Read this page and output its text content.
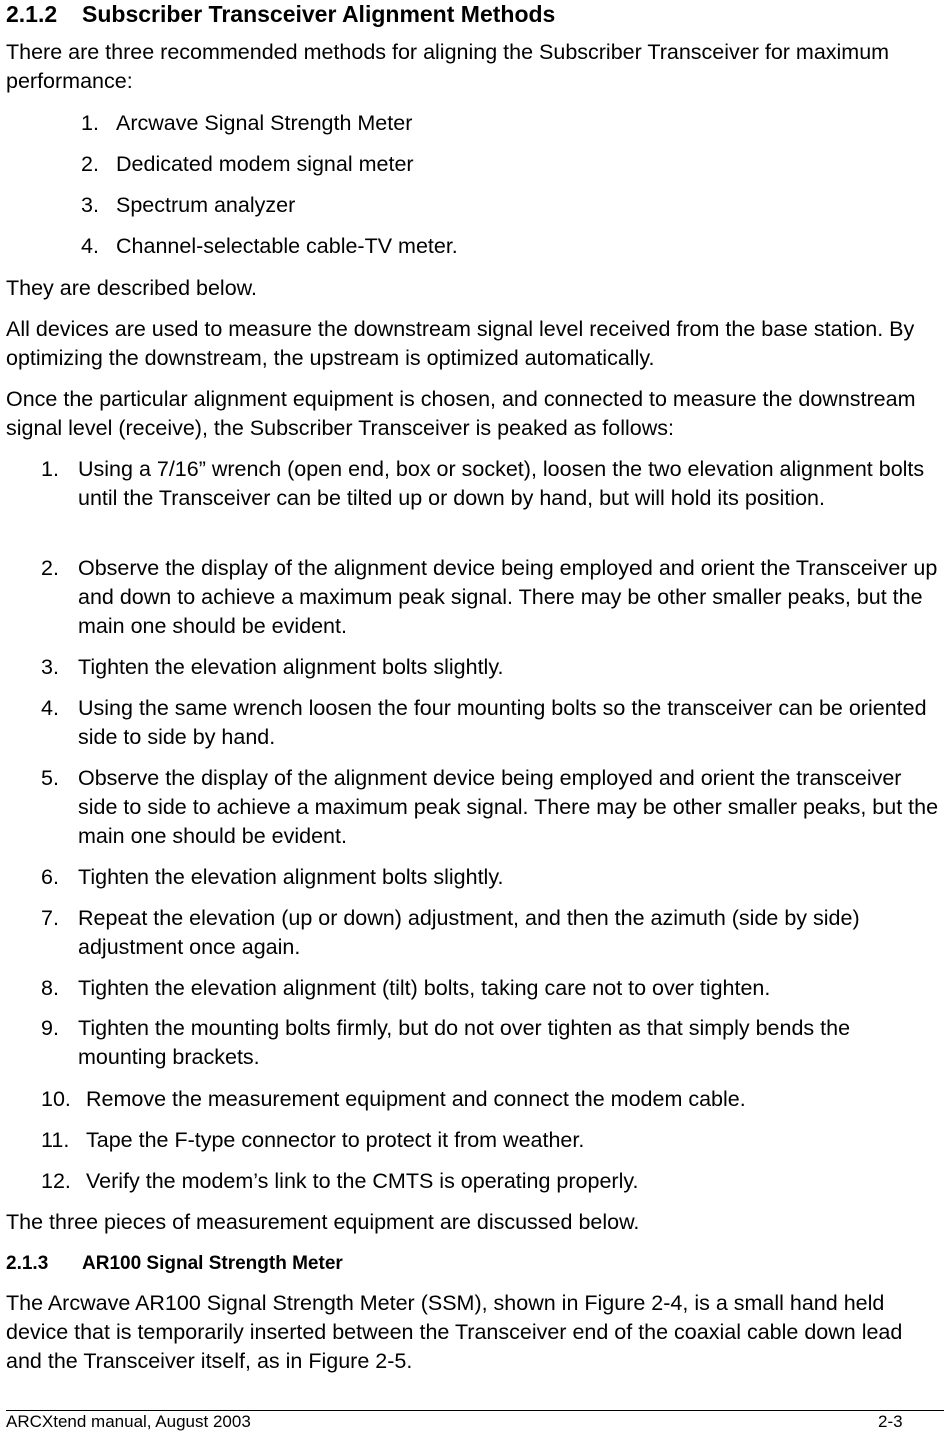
2.1.2 Subscriber Transceiver Alignment Methods
There are three recommended methods for aligning the Subscriber Transceiver for maximum performance:
1. Arcwave Signal Strength Meter
2. Dedicated modem signal meter
3. Spectrum analyzer
4. Channel-selectable cable-TV meter.
They are described below.
All devices are used to measure the downstream signal level received from the base station. By optimizing the downstream, the upstream is optimized automatically.
Once the particular alignment equipment is chosen, and connected to measure the downstream signal level (receive), the Subscriber Transceiver is peaked as follows:
1. Using a 7/16” wrench (open end, box or socket), loosen the two elevation alignment bolts until the Transceiver can be tilted up or down by hand, but will hold its position.
2. Observe the display of the alignment device being employed and orient the Transceiver up and down to achieve a maximum peak signal. There may be other smaller peaks, but the main one should be evident.
3. Tighten the elevation alignment bolts slightly.
4. Using the same wrench loosen the four mounting bolts so the transceiver can be oriented side to side by hand.
5. Observe the display of the alignment device being employed and orient the transceiver side to side to achieve a maximum peak signal. There may be other smaller peaks, but the main one should be evident.
6. Tighten the elevation alignment bolts slightly.
7. Repeat the elevation (up or down) adjustment, and then the azimuth (side by side) adjustment once again.
8. Tighten the elevation alignment (tilt) bolts, taking care not to over tighten.
9. Tighten the mounting bolts firmly, but do not over tighten as that simply bends the mounting brackets.
10. Remove the measurement equipment and connect the modem cable.
11. Tape the F-type connector to protect it from weather.
12. Verify the modem’s link to the CMTS is operating properly.
The three pieces of measurement equipment are discussed below.
2.1.3 AR100 Signal Strength Meter
The Arcwave AR100 Signal Strength Meter (SSM), shown in Figure 2-4, is a small hand held device that is temporarily inserted between the Transceiver end of the coaxial cable down lead and the Transceiver itself, as in Figure 2-5.
ARCXtend manual, August 2003	2-3
